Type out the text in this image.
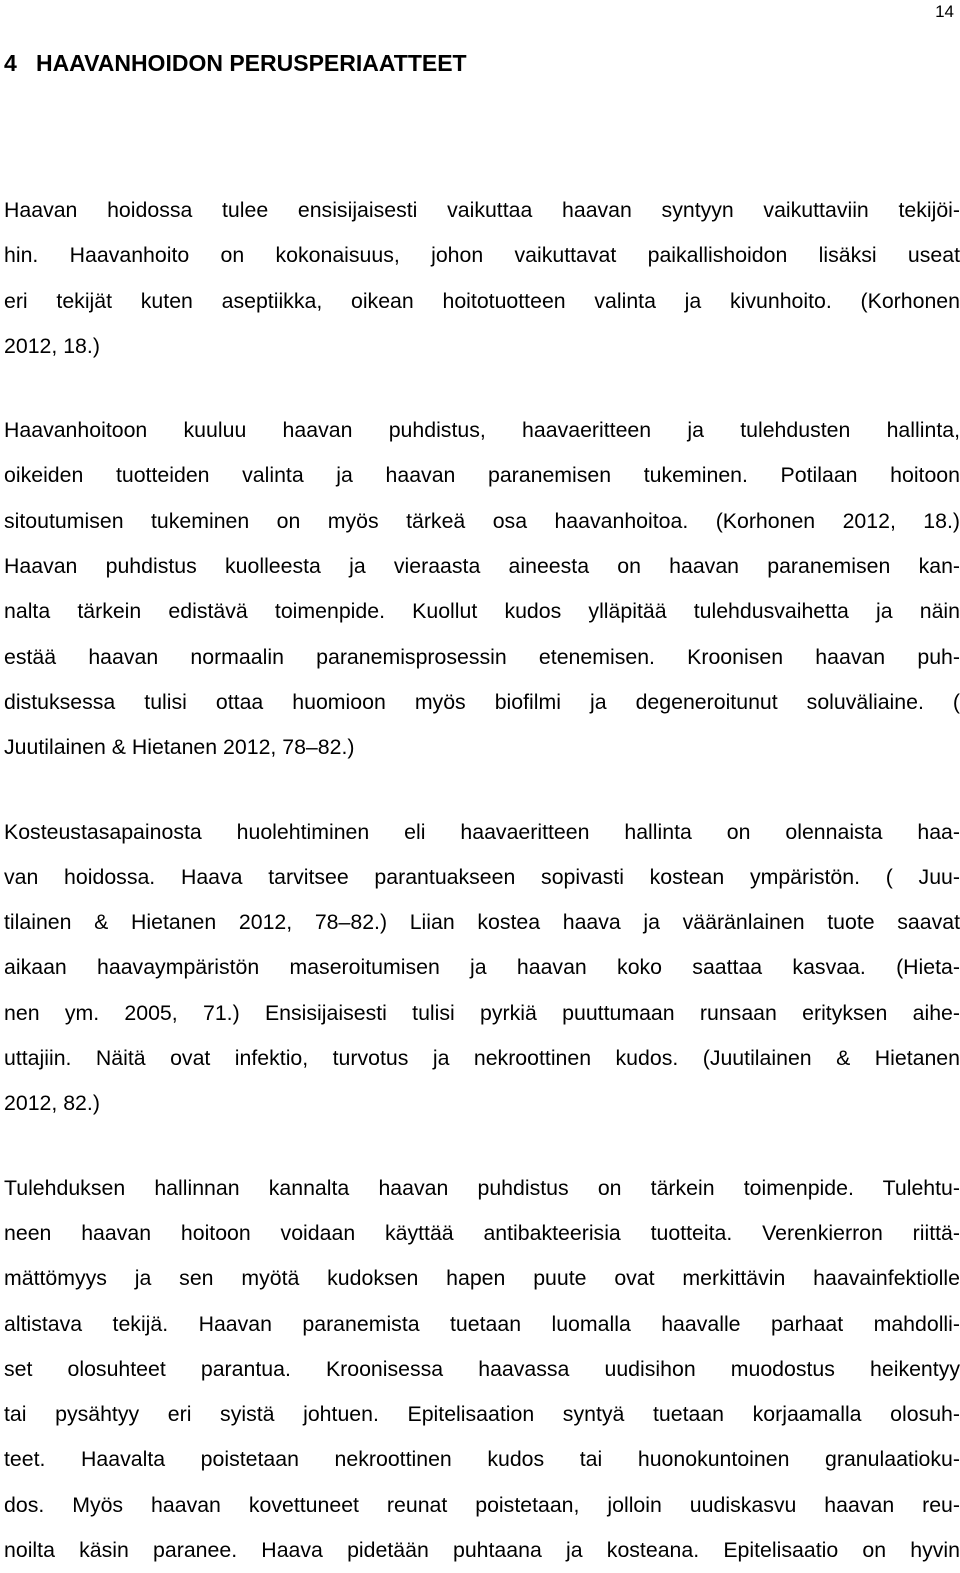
14
4   HAAVANHOIDON PERUSPERIAATTEET
Haavan hoidossa tulee ensisijaisesti vaikuttaa haavan syntyyn vaikuttaviin tekijöi-
hin. Haavanhoito on kokonaisuus, johon vaikuttavat paikallishoidon lisäksi useat
eri tekijät kuten aseptiikka, oikean hoitotuotteen valinta ja kivunhoito. (Korhonen
2012, 18.)
Haavanhoitoon kuuluu haavan puhdistus, haavaeritteen ja tulehdusten hallinta,
oikeiden tuotteiden valinta ja haavan paranemisen tukeminen. Potilaan hoitoon
sitoutumisen tukeminen on myös tärkeä osa haavanhoitoa. (Korhonen 2012, 18.)
Haavan puhdistus kuolleesta ja vieraasta aineesta on haavan paranemisen kan-
nalta tärkein edistävä toimenpide. Kuollut kudos ylläpitää tulehdusvaihetta ja näin
estää haavan normaalin paranemisprosessin etenemisen. Kroonisen haavan puh-
distuksessa tulisi ottaa huomioon myös biofilmi ja degeneroitunut soluväliaine. (
Juutilainen & Hietanen 2012, 78–82.)
Kosteustasapainosta huolehtiminen eli haavaeritteen hallinta on olennaista haa-
van hoidossa. Haava tarvitsee parantuakseen sopivasti kostean ympäristön. ( Juu-
tilainen & Hietanen 2012, 78–82.) Liian kostea haava ja vääränlainen tuote saavat
aikaan haavaympäristön maseroitumisen ja haavan koko saattaa kasvaa. (Hieta-
nen ym. 2005, 71.) Ensisijaisesti tulisi pyrkiä puuttumaan runsaan erityksen aihe-
uttajiin. Näitä ovat infektio, turvotus ja nekroottinen kudos. (Juutilainen & Hietanen
2012, 82.)
Tulehduksen hallinnan kannalta haavan puhdistus on tärkein toimenpide. Tulehtu-
neen haavan hoitoon voidaan käyttää antibakteerisia tuotteita. Verenkierron riittä-
mättömyys ja sen myötä kudoksen hapen puute ovat merkittävin haavainfektiolle
altistava tekijä. Haavan paranemista tuetaan luomalla haavalle parhaat mahdolli-
set olosuhteet parantua. Kroonisessa haavassa uudisihon muodostus heikentyy
tai pysähtyy eri syistä johtuen. Epitelisaation syntyä tuetaan korjaamalla olosuh-
teet. Haavalta poistetaan nekroottinen kudos tai huonokuntoinen granulaatioku-
dos. Myös haavan kovettuneet reunat poistetaan, jolloin uudiskasvu haavan reu-
noilta käsin paranee. Haava pidetään puhtaana ja kosteana. Epitelisaatio on hyvin
